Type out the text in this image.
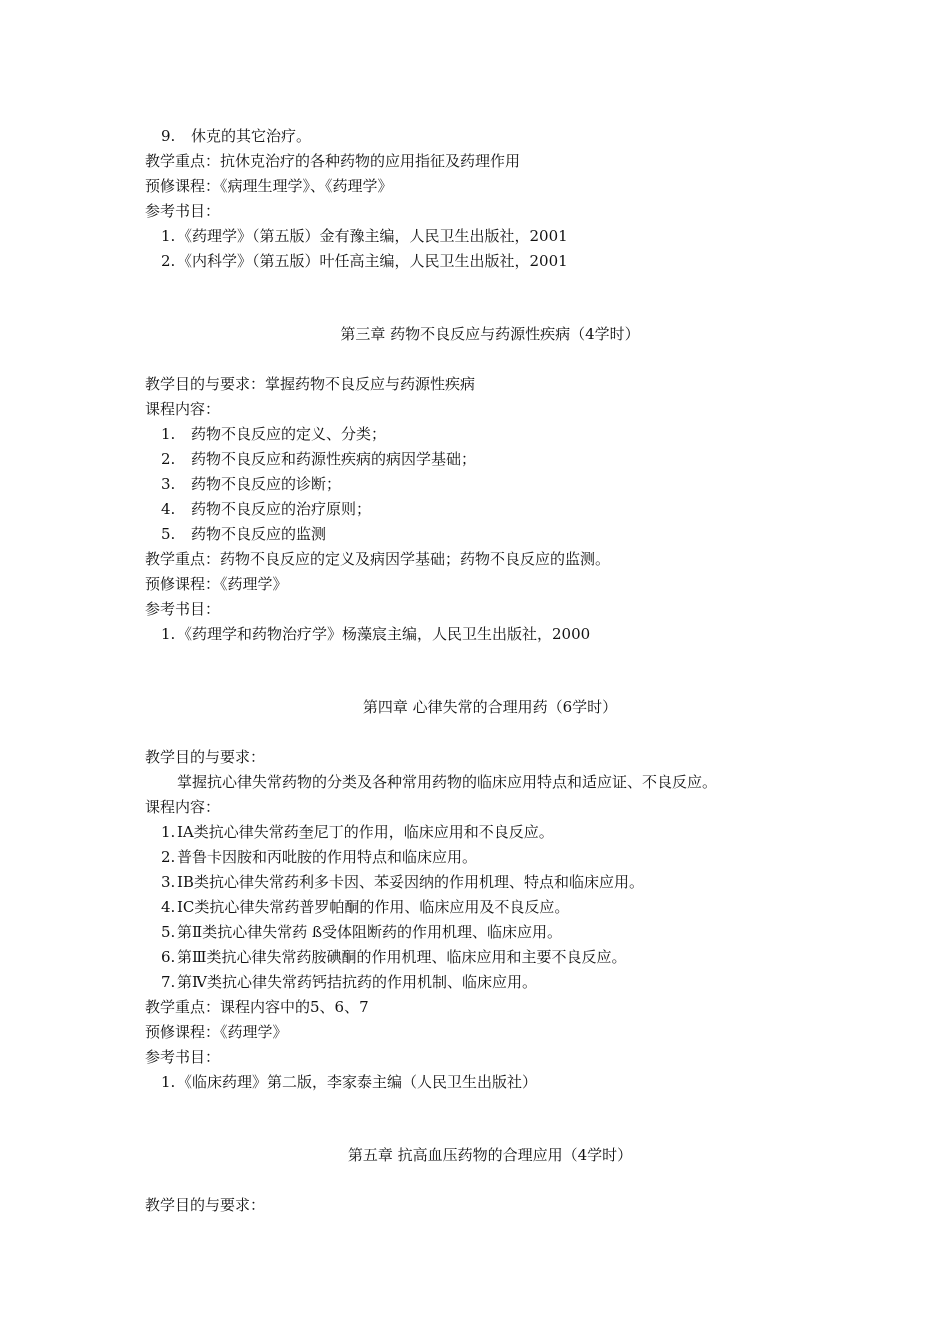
9. 休克的其它治疗。
教学重点：抗休克治疗的各种药物的应用指征及药理作用
预修课程：《病理生理学》、《药理学》
参考书目：
1. 《药理学》（第五版）金有豫主编，人民卫生出版社，2001
2. 《内科学》（第五版）叶任高主编，人民卫生出版社，2001
第三章 药物不良反应与药源性疾病（4学时）
教学目的与要求：掌握药物不良反应与药源性疾病
课程内容：
1. 药物不良反应的定义、分类；
2. 药物不良反应和药源性疾病的病因学基础；
3. 药物不良反应的诊断；
4. 药物不良反应的治疗原则；
5. 药物不良反应的监测
教学重点：药物不良反应的定义及病因学基础；药物不良反应的监测。
预修课程：《药理学》
参考书目：
1. 《药理学和药物治疗学》杨藻宸主编，人民卫生出版社，2000
第四章 心律失常的合理用药（6学时）
教学目的与要求：
掌握抗心律失常药物的分类及各种常用药物的临床应用特点和适应证、不良反应。
课程内容：
1. IA类抗心律失常药奎尼丁的作用，临床应用和不良反应。
2. 普鲁卡因胺和丙吡胺的作用特点和临床应用。
3. IB类抗心律失常药利多卡因、苯妥因纳的作用机理、特点和临床应用。
4. IC类抗心律失常药普罗帕酮的作用、临床应用及不良反应。
5. 第Ⅱ类抗心律失常药 ß受体阻断药的作用机理、临床应用。
6. 第Ⅲ类抗心律失常药胺碘酮的作用机理、临床应用和主要不良反应。
7. 第Ⅳ类抗心律失常药钙拮抗药的作用机制、临床应用。
教学重点：课程内容中的5、6、7
预修课程：《药理学》
参考书目：
1. 《临床药理》第二版，李家泰主编（人民卫生出版社）
第五章 抗高血压药物的合理应用（4学时）
教学目的与要求：
